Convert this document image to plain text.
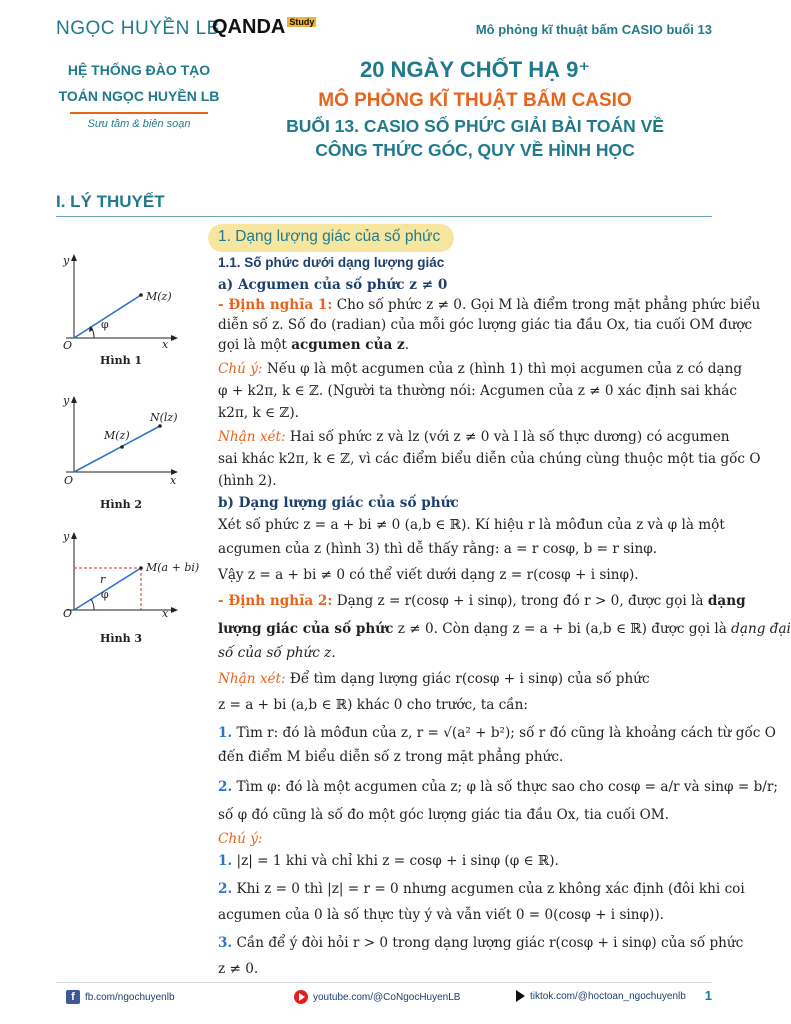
NGỌC HUYỀN LB
QANDA $^{Study}$	Mô phỏng kĩ thuật bấm CASIO buổi 13
HỆ THỐNG ĐÀO TẠO
TOÁN NGỌC HUYỀN LB
Sưu tầm & biên soạn
20 NGÀY CHỐT HẠ 9⁺
MÔ PHỎNG KĨ THUẬT BẤM CASIO
BUỔI 13. CASIO SỐ PHỨC GIẢI BÀI TOÁN VỀ
CÔNG THỨC GÓC, QUY VỀ HÌNH HỌC
I. LÝ THUYẾT
y
x
O
M(z)
φ
Hình 1
y
x
O
M(z)
N(lz)
Hình 2
y
x
O
M(a + bi)
r
φ
Hình 3
1. Dạng lượng giác của số phức
1.1. Số phức dưới dạng lượng giác
a) Acgumen của số phức z ≠ 0
- Định nghĩa 1: Cho số phức z ≠ 0. Gọi M là điểm trong mặt phẳng phức biểu
diễn số z. Số đo (radian) của mỗi góc lượng giác tia đầu Ox, tia cuối OM được
gọi là một acgumen của z.
Chú ý: Nếu φ là một acgumen của z (hình 1) thì mọi acgumen của z có dạng
φ + k2π, k ∈ ℤ. (Người ta thường nói: Acgumen của z ≠ 0 xác định sai khác
k2π, k ∈ ℤ).
Nhận xét: Hai số phức z và lz (với z ≠ 0 và l là số thực dương) có acgumen
sai khác k2π, k ∈ ℤ, vì các điểm biểu diễn của chúng cùng thuộc một tia gốc O
(hình 2).
b) Dạng lượng giác của số phức
Xét số phức z = a + bi ≠ 0 (a,b ∈ ℝ). Kí hiệu r là môđun của z và φ là một
acgumen của z (hình 3) thì dễ thấy rằng: a = r cosφ, b = r sinφ.
Vậy z = a + bi ≠ 0 có thể viết dưới dạng z = r(cosφ + i sinφ).
- Định nghĩa 2: Dạng z = r(cosφ + i sinφ), trong đó r > 0, được gọi là dạng
lượng giác của số phức z ≠ 0. Còn dạng z = a + bi (a,b ∈ ℝ) được gọi là dạng đại
số của số phức z.
Nhận xét: Để tìm dạng lượng giác r(cosφ + i sinφ) của số phức
z = a + bi (a,b ∈ ℝ) khác 0 cho trước, ta cần:
1. Tìm r: đó là môđun của z, r = √(a² + b²); số r đó cũng là khoảng cách từ gốc O
đến điểm M biểu diễn số z trong mặt phẳng phức.
2. Tìm φ: đó là một acgumen của z; φ là số thực sao cho cosφ = a/r và sinφ = b/r;
số φ đó cũng là số đo một góc lượng giác tia đầu Ox, tia cuối OM.
Chú ý:
1. |z| = 1 khi và chỉ khi z = cosφ + i sinφ (φ ∈ ℝ).
2. Khi z = 0 thì |z| = r = 0 nhưng acgumen của z không xác định (đôi khi coi
acgumen của 0 là số thực tùy ý và vẫn viết 0 = 0(cosφ + i sinφ)).
3. Cần để ý đòi hỏi r > 0 trong dạng lượng giác r(cosφ + i sinφ) của số phức
z ≠ 0.
f	fb.com/ngochuyenlb	youtube.com/@CoNgocHuyenLB	tiktok.com/@hoctoan_ngochuyenlb 1
